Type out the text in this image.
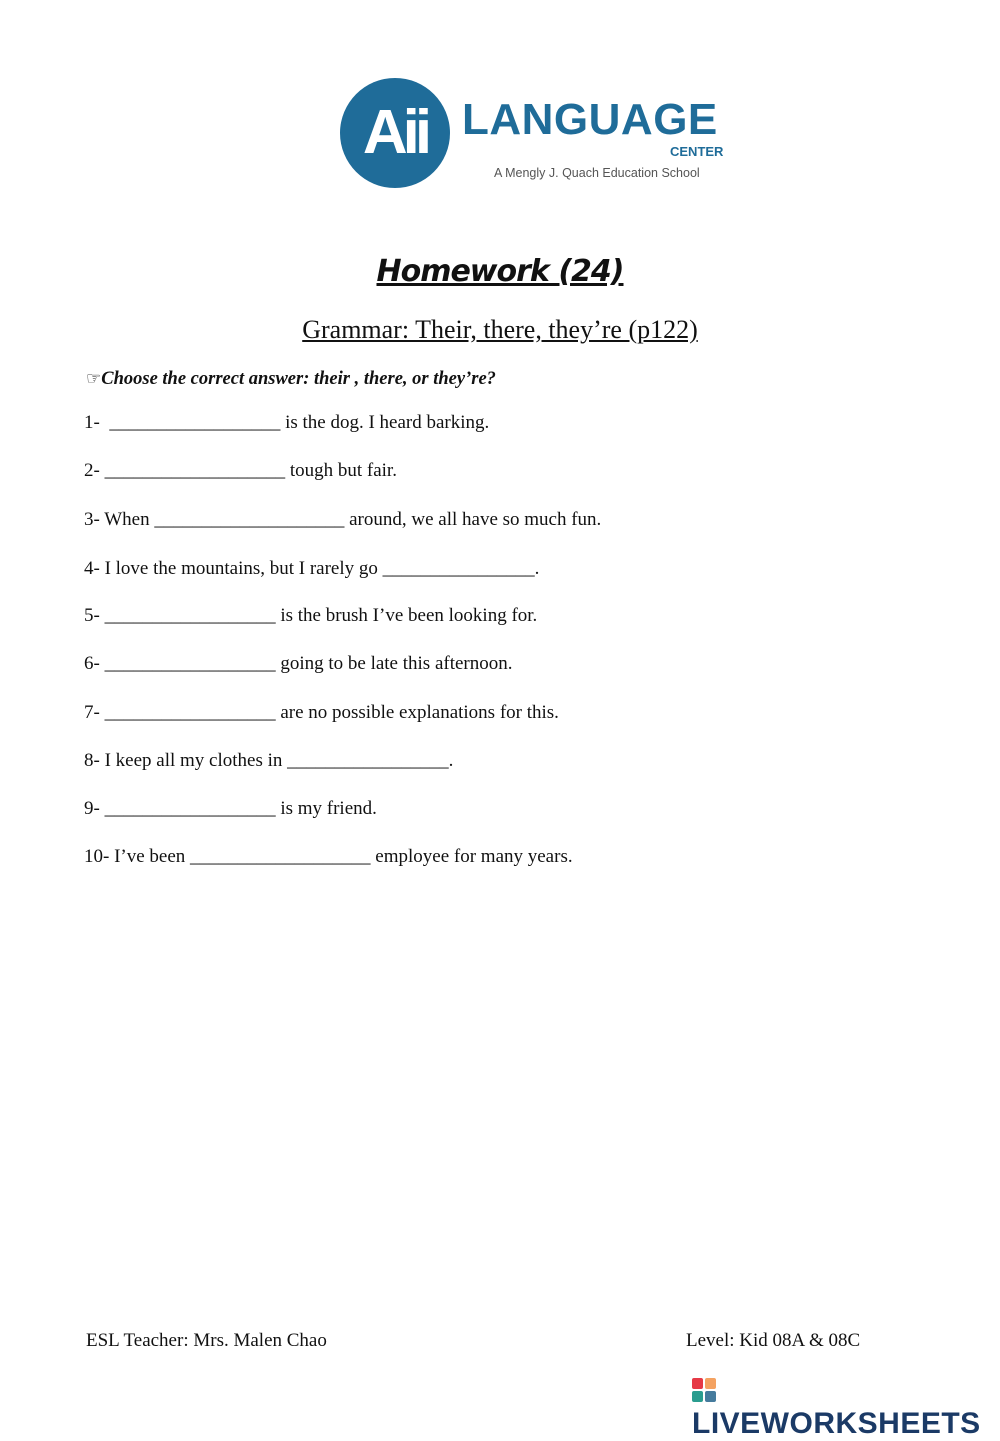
Aii LANGUAGE
CENTER
A Mengly J. Quach Education School
Homework (24)
Grammar: Their, there, they’re (p122)
☞Choose the correct answer: their , there, or they’re?
1-  __________________ is the dog. I heard barking.
2- ___________________ tough but fair.
3- When ____________________ around, we all have so much fun.
4- I love the mountains, but I rarely go ________________.
5- __________________ is the brush I’ve been looking for.
6- __________________ going to be late this afternoon.
7- __________________ are no possible explanations for this.
8- I keep all my clothes in _________________.
9- __________________ is my friend.
10- I’ve been ___________________ employee for many years.
ESL Teacher: Mrs. Malen Chao	Level: Kid 08A & 08C
LIVEWORKSHEETS
